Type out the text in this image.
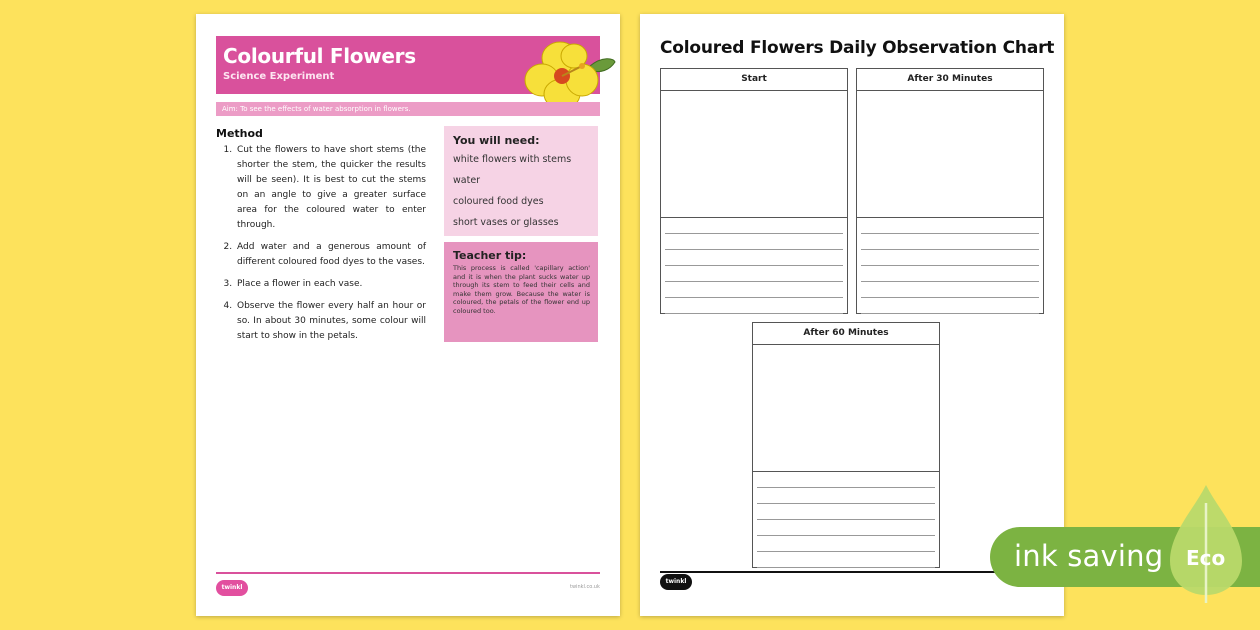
Colourful Flowers
Science Experiment
Aim: To see the effects of water absorption in flowers.
Method
1. Cut the flowers to have short stems (the shorter the stem, the quicker the results will be seen). It is best to cut the stems on an angle to give a greater surface area for the coloured water to enter through.
2. Add water and a generous amount of different coloured food dyes to the vases.
3. Place a flower in each vase.
4. Observe the flower every half an hour or so. In about 30 minutes, some colour will start to show in the petals.
You will need:
white flowers with stems
water
coloured food dyes
short vases or glasses
Teacher tip:
This process is called 'capillary action' and it is when the plant sucks water up through its stem to feed their cells and make them grow. Because the water is coloured, the petals of the flower end up coloured too.
twinkl	twinkl.co.uk
Coloured Flowers Daily Observation Chart
Start	After 30 Minutes
After 60 Minutes
twinkl
ink saving Eco
